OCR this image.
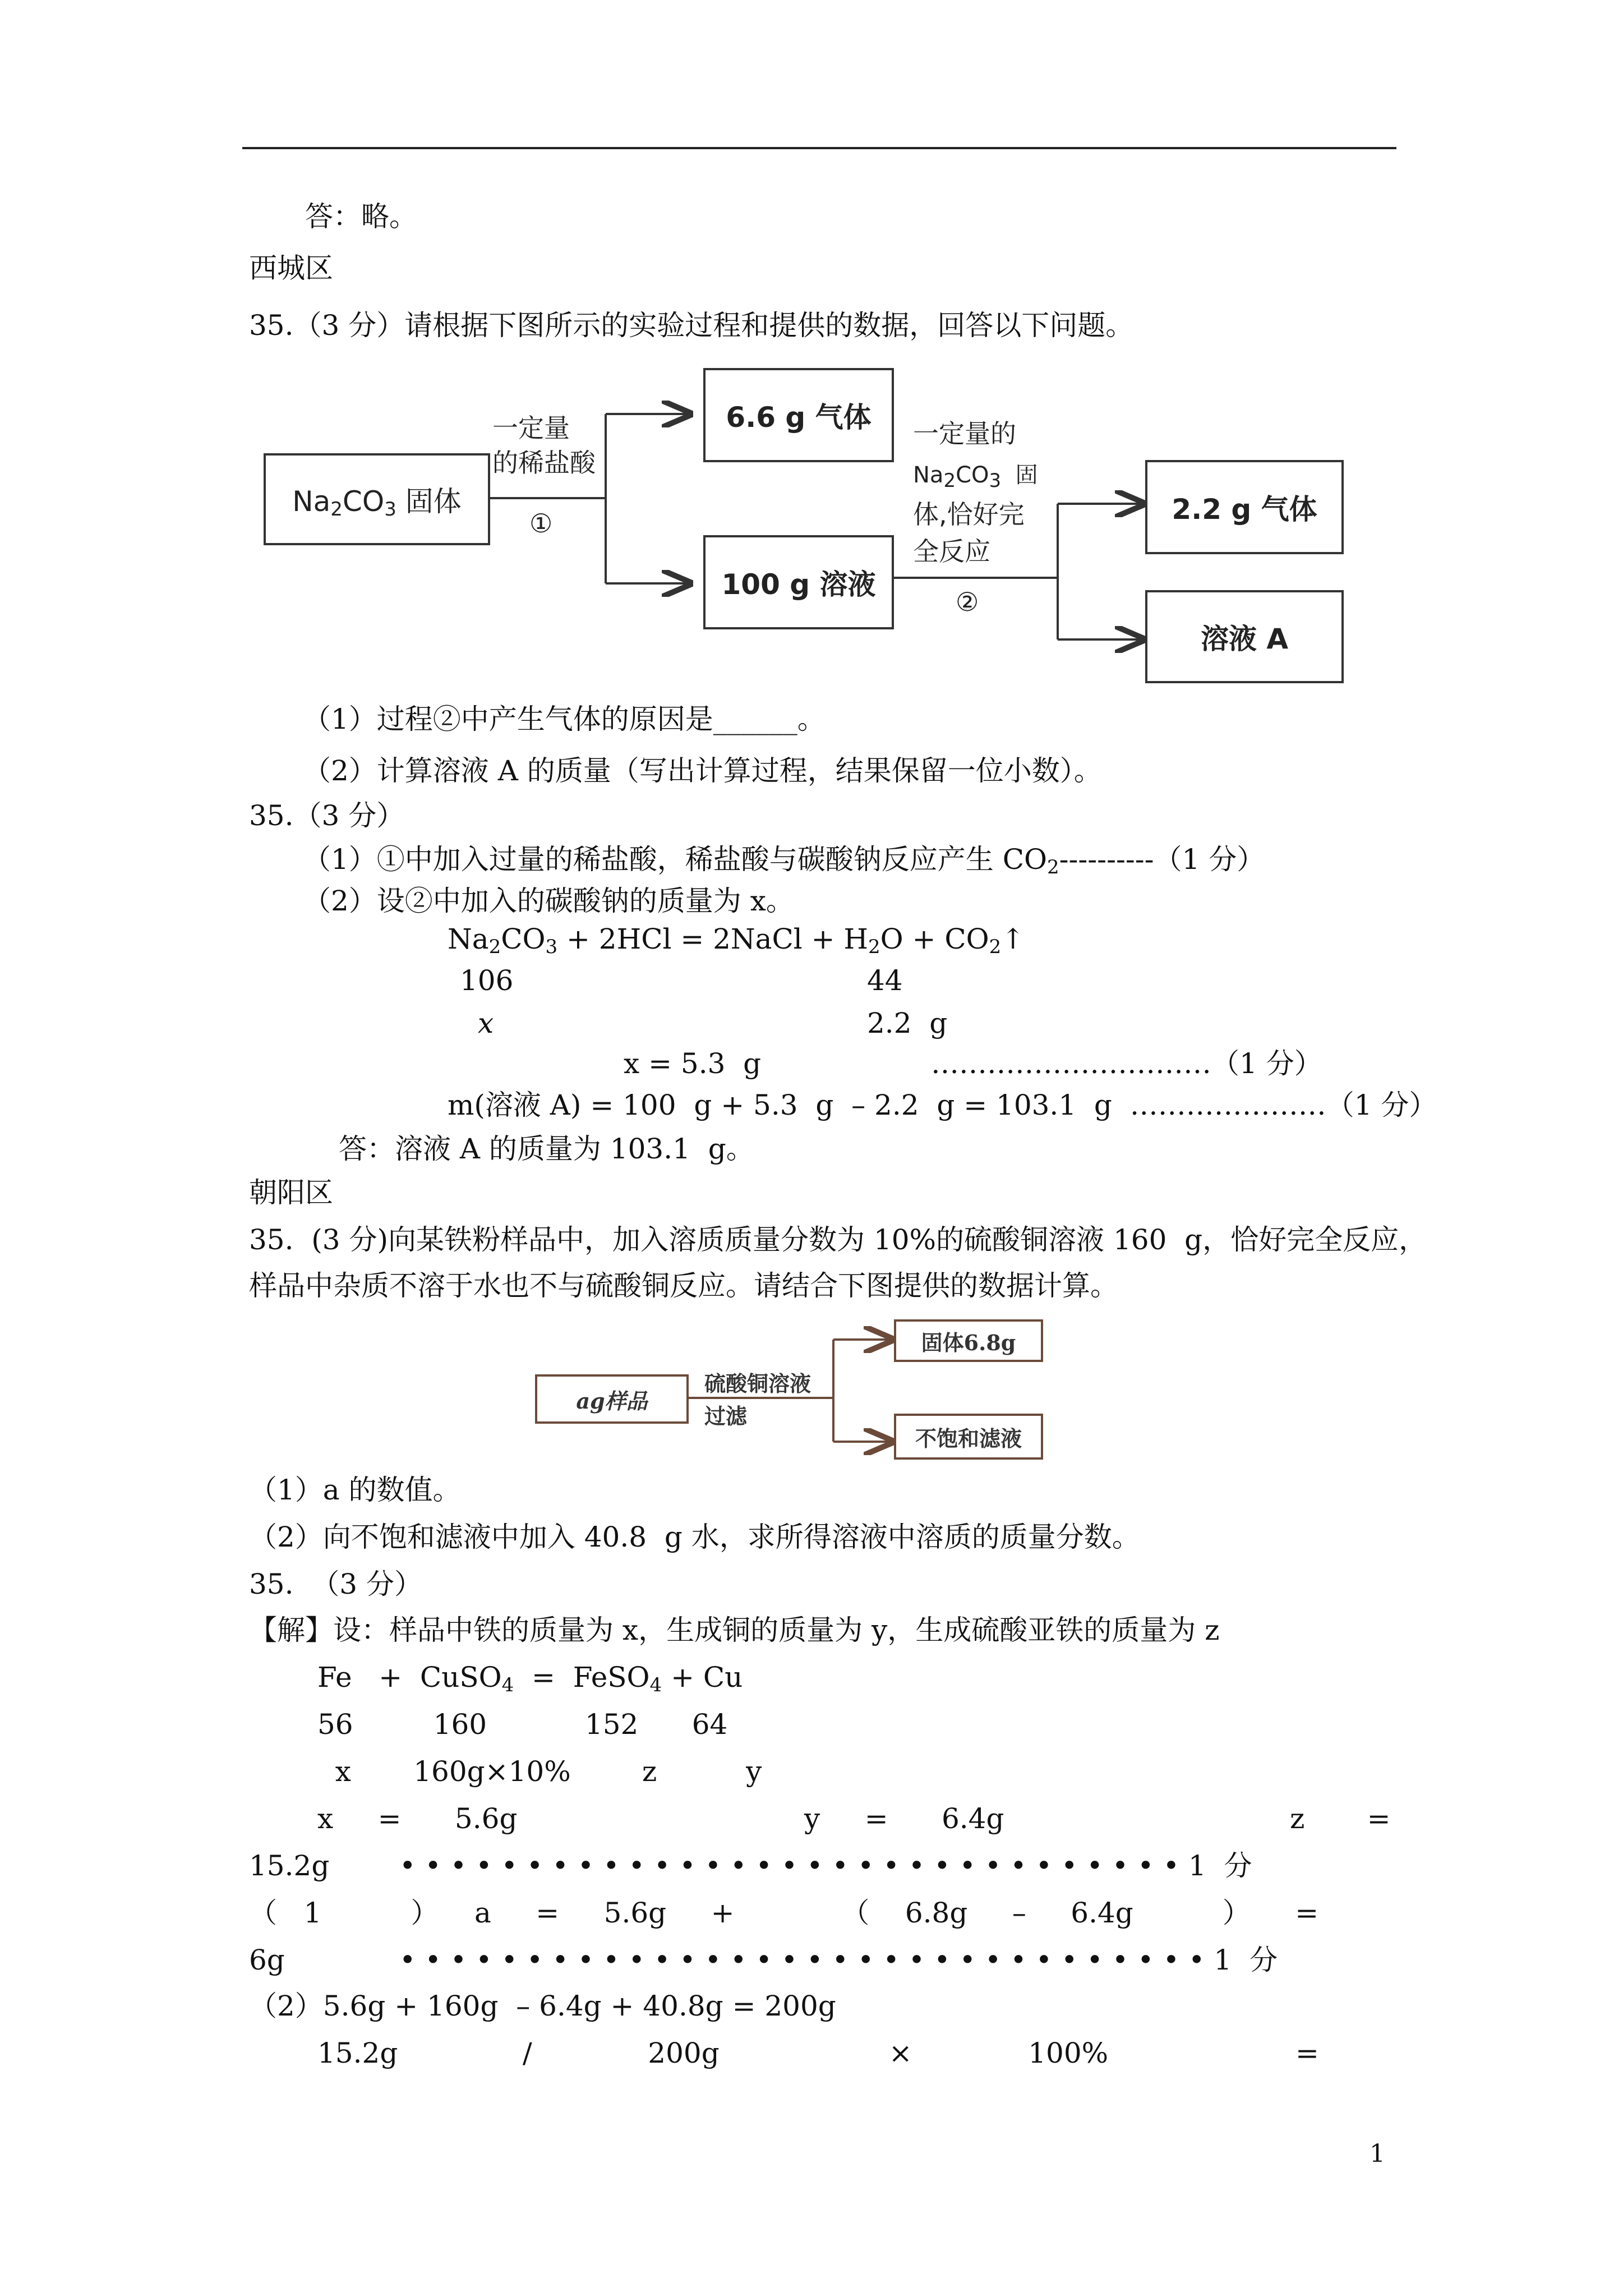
答：略。
西城区
35.（3 分）请根据下图所示的实验过程和提供的数据，回答以下问题。
$Na_2CO_3$ 固体
一定量
的稀盐酸
①
6.6 g 气体
100 g 溶液
一定量的
$Na_2CO_3$  固
体,恰好完
全反应
②
2.2 g 气体
溶液 A
（1）过程②中产生气体的原因是______。
（2）计算溶液 A 的质量（写出计算过程，结果保留一位小数）。
35.（3 分）
（1）①中加入过量的稀盐酸，稀盐酸与碳酸钠反应产生 $CO_2----------(1$ 分）
（2）设②中加入的碳酸钠的质量为 x。
$Na_2CO_3 + 2HCl$ = 2NaCl + $H_2O$ + $CO_2↑$
106	44
x	2.2  g
x = 5.3  g	…………………………（1 分）
m(溶液 A) = 100  g + 5.3  g  – 2.2  g = 103.1  g  …………………（1 分）
答：溶液 A 的质量为 103.1  g。
朝阳区
35.  (3 分)向某铁粉样品中，加入溶质质量分数为 10%的硫酸铜溶液 160  g，恰好完全反应，
样品中杂质不溶于水也不与硫酸铜反应。请结合下图提供的数据计算。
ag样品
硫酸铜溶液
过滤
固体6.8g
不饱和滤液
（1）a 的数值。
（2）向不饱和滤液中加入 40.8  g 水，求所得溶液中溶质的质量分数。
35.  （3 分）
【解】设：样品中铁的质量为 x，生成铜的质量为 y，生成硫酸亚铁的质量为 z
Fe   +  CuSO$_4$  =  FeSO$_4$ + Cu
56         160           152      64
x       160g×10%        z          y
x     =      5.6g	y     =      6.4g	z       =
15.2g • • • • • • • • • • • • • • • • • • • • • • • • • • • • • • • 1  分
（   1          ）    a     =     5.6g     +            （    6.8g     –     6.4g          ）     =
6g	• • • • • • • • • • • • • • • • • • • • • • • • • • • • • • • • 1  分
（2）5.6g + 160g  – 6.4g + 40.8g = 200g
15.2g              /             200g                   ×             100%                     =
1
